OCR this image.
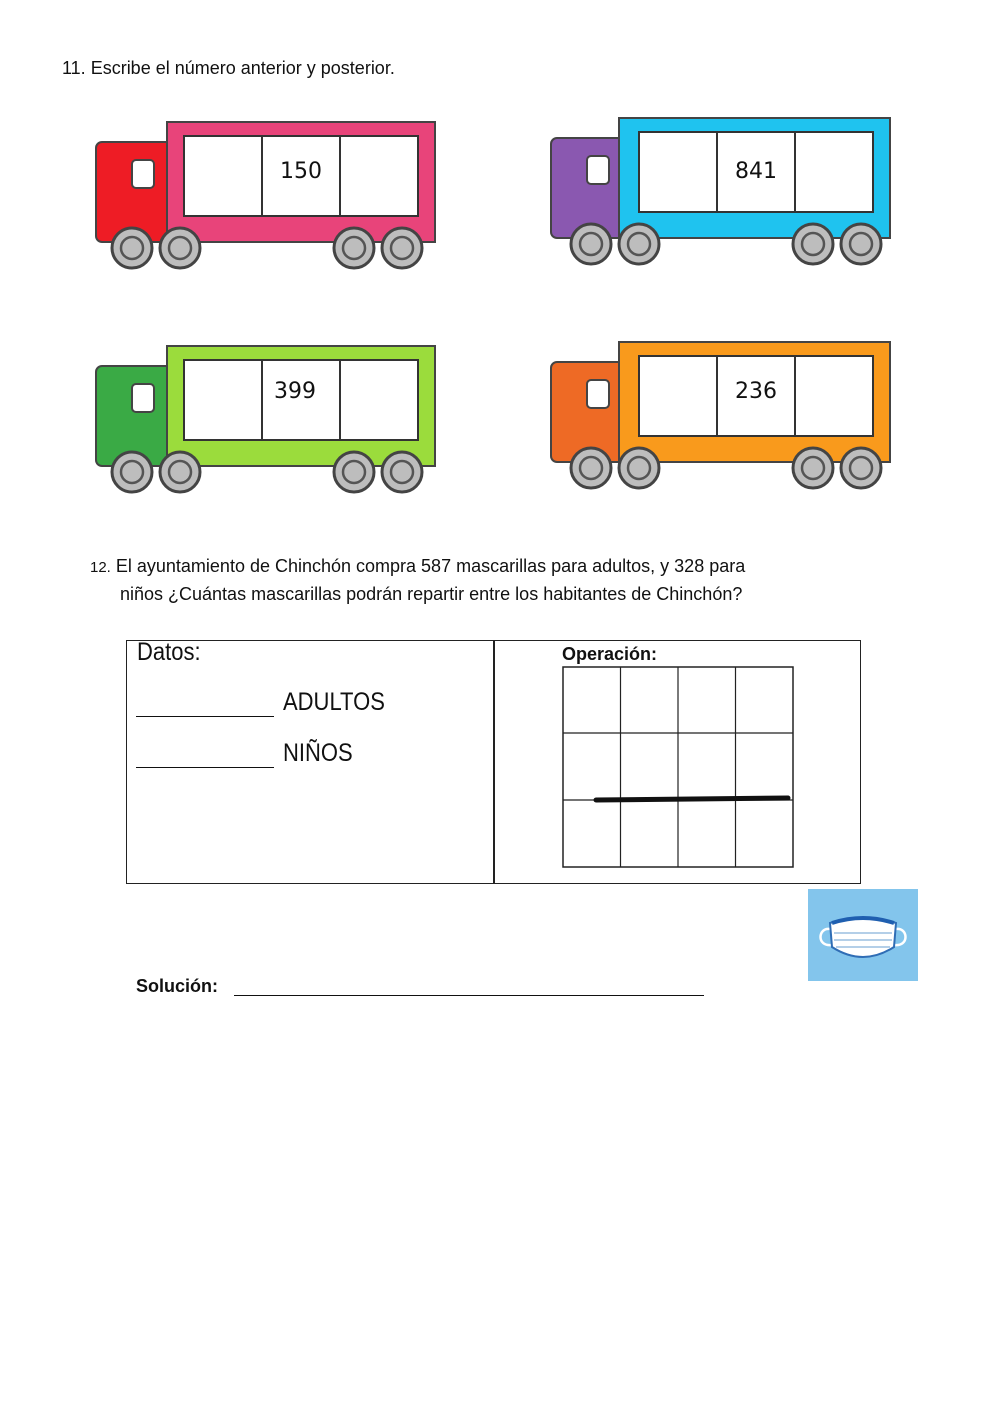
11. Escribe el número anterior y posterior.
150	841
399	236
12. El ayuntamiento de Chinchón compra 587 mascarillas para adultos, y 328 para
niños ¿Cuántas mascarillas podrán repartir entre los habitantes de Chinchón?
Datos:
ADULTOS
NIÑOS
Operación:
Solución:
